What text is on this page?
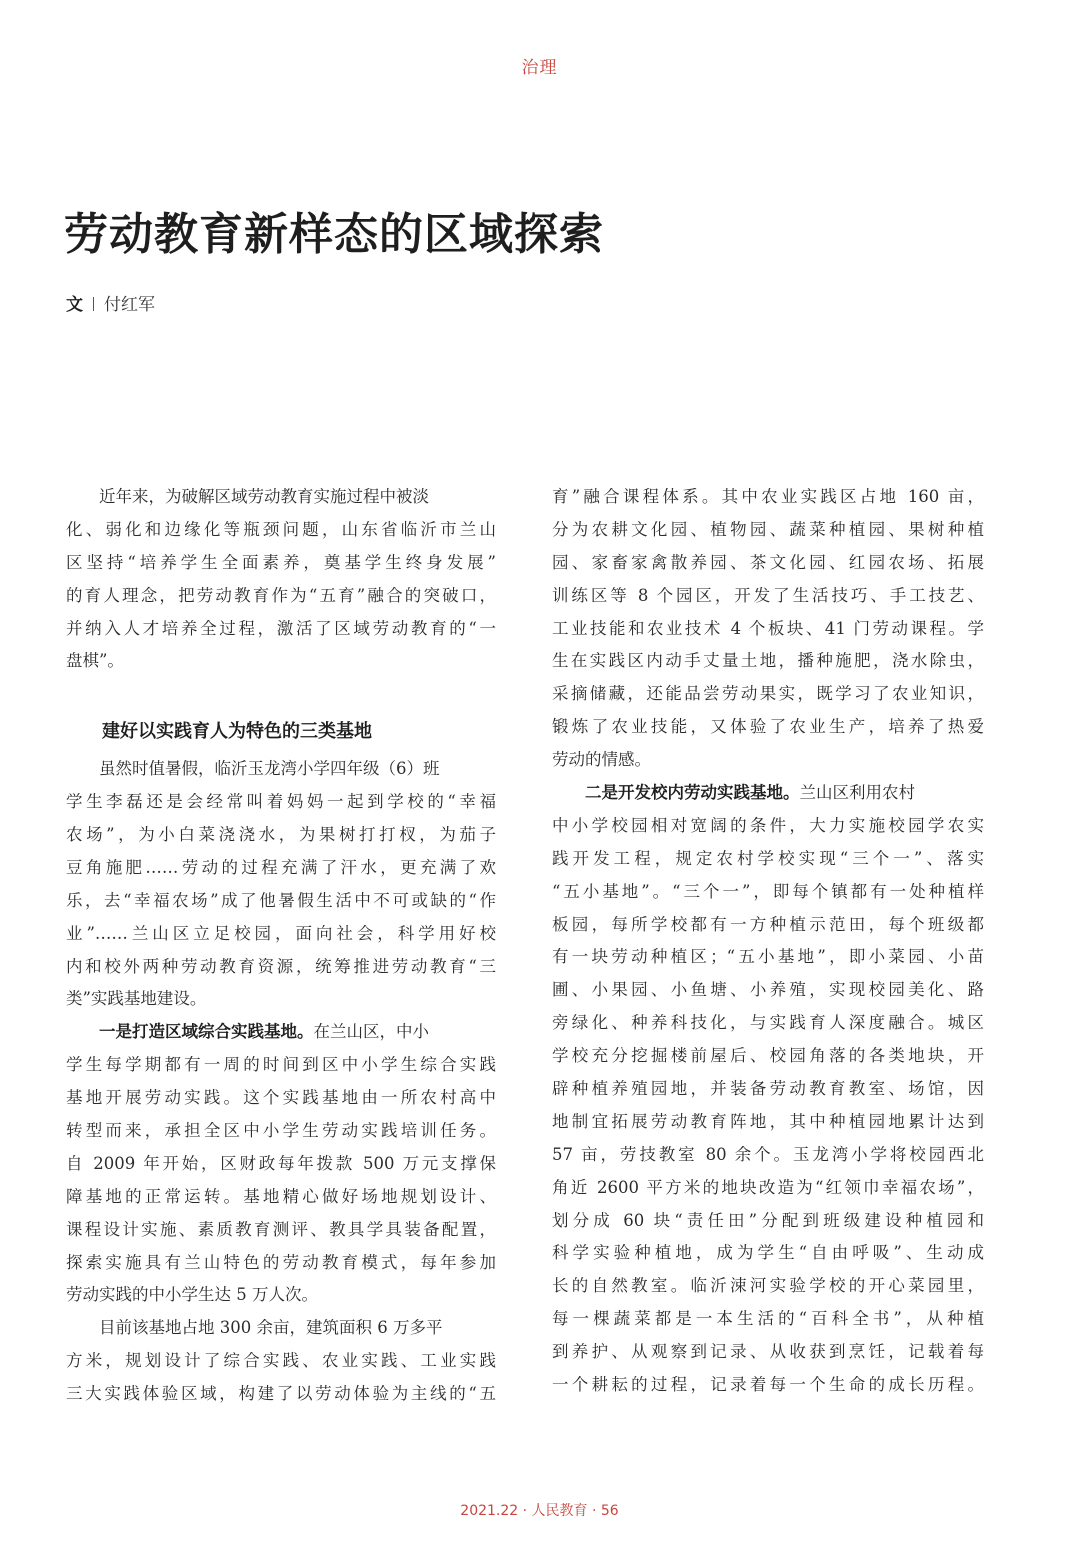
治理
劳动教育新样态的区域探索
文 付红军
近年来，为破解区域劳动教育实施过程中被淡
化、弱化和边缘化等瓶颈问题，山东省临沂市兰山
区坚持“培养学生全面素养，奠基学生终身发展”
的育人理念，把劳动教育作为“五育”融合的突破口，
并纳入人才培养全过程，激活了区域劳动教育的“一
盘棋”。
建好以实践育人为特色的三类基地
虽然时值暑假，临沂玉龙湾小学四年级（6）班
学生李磊还是会经常叫着妈妈一起到学校的“幸福
农场”，为小白菜浇浇水，为果树打打杈，为茄子
豆角施肥……劳动的过程充满了汗水，更充满了欢
乐，去“幸福农场”成了他暑假生活中不可或缺的“作
业”……兰山区立足校园，面向社会，科学用好校
内和校外两种劳动教育资源，统筹推进劳动教育“三
类”实践基地建设。
一是打造区域综合实践基地。在兰山区，中小
学生每学期都有一周的时间到区中小学生综合实践
基地开展劳动实践。这个实践基地由一所农村高中
转型而来，承担全区中小学生劳动实践培训任务。
自 2009 年开始，区财政每年拨款 500 万元支撑保
障基地的正常运转。基地精心做好场地规划设计、
课程设计实施、素质教育测评、教具学具装备配置，
探索实施具有兰山特色的劳动教育模式，每年参加
劳动实践的中小学生达 5 万人次。
目前该基地占地 300 余亩，建筑面积 6 万多平
方米，规划设计了综合实践、农业实践、工业实践
三大实践体验区域，构建了以劳动体验为主线的“五
育”融合课程体系。其中农业实践区占地 160 亩，
分为农耕文化园、植物园、蔬菜种植园、果树种植
园、家畜家禽散养园、茶文化园、红园农场、拓展
训练区等 8 个园区，开发了生活技巧、手工技艺、
工业技能和农业技术 4 个板块、41 门劳动课程。学
生在实践区内动手丈量土地，播种施肥，浇水除虫，
采摘储藏，还能品尝劳动果实，既学习了农业知识，
锻炼了农业技能，又体验了农业生产，培养了热爱
劳动的情感。
二是开发校内劳动实践基地。兰山区利用农村
中小学校园相对宽阔的条件，大力实施校园学农实
践开发工程，规定农村学校实现“三个一”、落实
“五小基地”。“三个一”，即每个镇都有一处种植样
板园，每所学校都有一方种植示范田，每个班级都
有一块劳动种植区；“五小基地”，即小菜园、小苗
圃、小果园、小鱼塘、小养殖，实现校园美化、路
旁绿化、种养科技化，与实践育人深度融合。城区
学校充分挖掘楼前屋后、校园角落的各类地块，开
辟种植养殖园地，并装备劳动教育教室、场馆，因
地制宜拓展劳动教育阵地，其中种植园地累计达到
57 亩，劳技教室 80 余个。玉龙湾小学将校园西北
角近 2600 平方米的地块改造为“红领巾幸福农场”，
划分成 60 块“责任田”分配到班级建设种植园和
科学实验种植地，成为学生“自由呼吸”、生动成
长的自然教室。临沂涑河实验学校的开心菜园里，
每一棵蔬菜都是一本生活的“百科全书”，从种植
到养护、从观察到记录、从收获到烹饪，记载着每
一个耕耘的过程，记录着每一个生命的成长历程。
2021.22 · 人民教育 · 56
